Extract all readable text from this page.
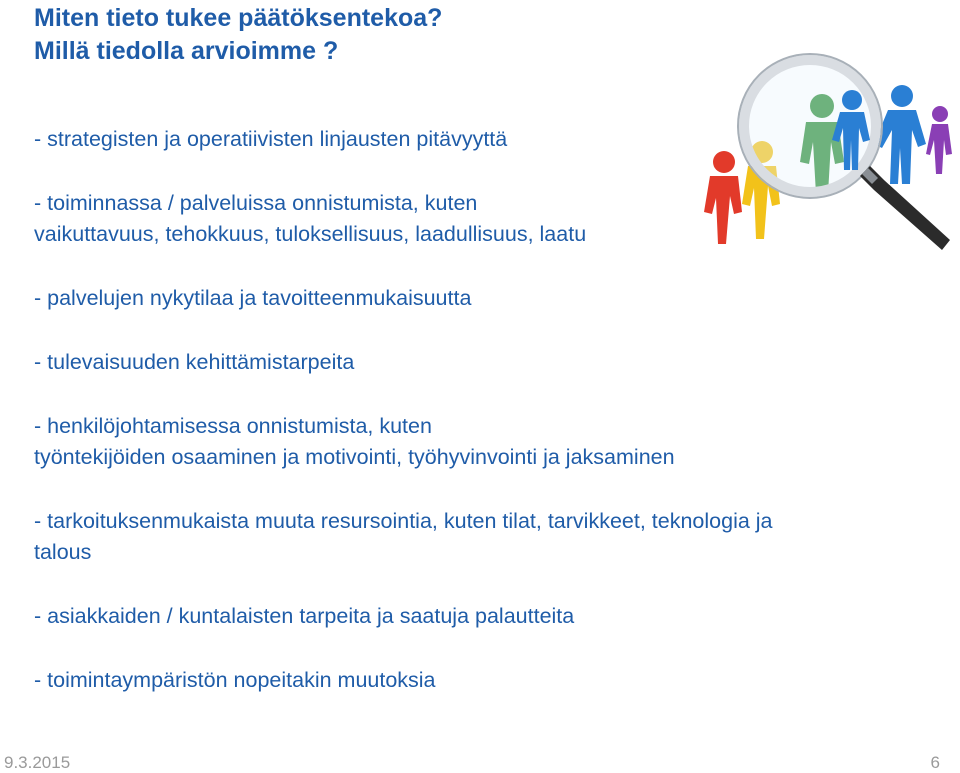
Miten tieto tukee päätöksentekoa?
Millä tiedolla arvioimme ?

- strategisten ja operatiivisten linjausten pitävyyttä

- toiminnassa / palveluissa onnistumista, kuten
vaikuttavuus, tehokkuus, tuloksellisuus, laadullisuus, laatu

- palvelujen nykytilaa ja tavoitteenmukaisuutta

- tulevaisuuden kehittämistarpeita

- henkilöjohtamisessa onnistumista, kuten
työntekijöiden osaaminen ja motivointi, työhyvinvointi ja jaksaminen

- tarkoituksenmukaista muuta resursointia, kuten tilat, tarvikkeet, teknologia ja
talous

- asiakkaiden / kuntalaisten tarpeita ja saatuja palautteita

- toimintaympäristön nopeitakin muutoksia

9.3.2015	6
